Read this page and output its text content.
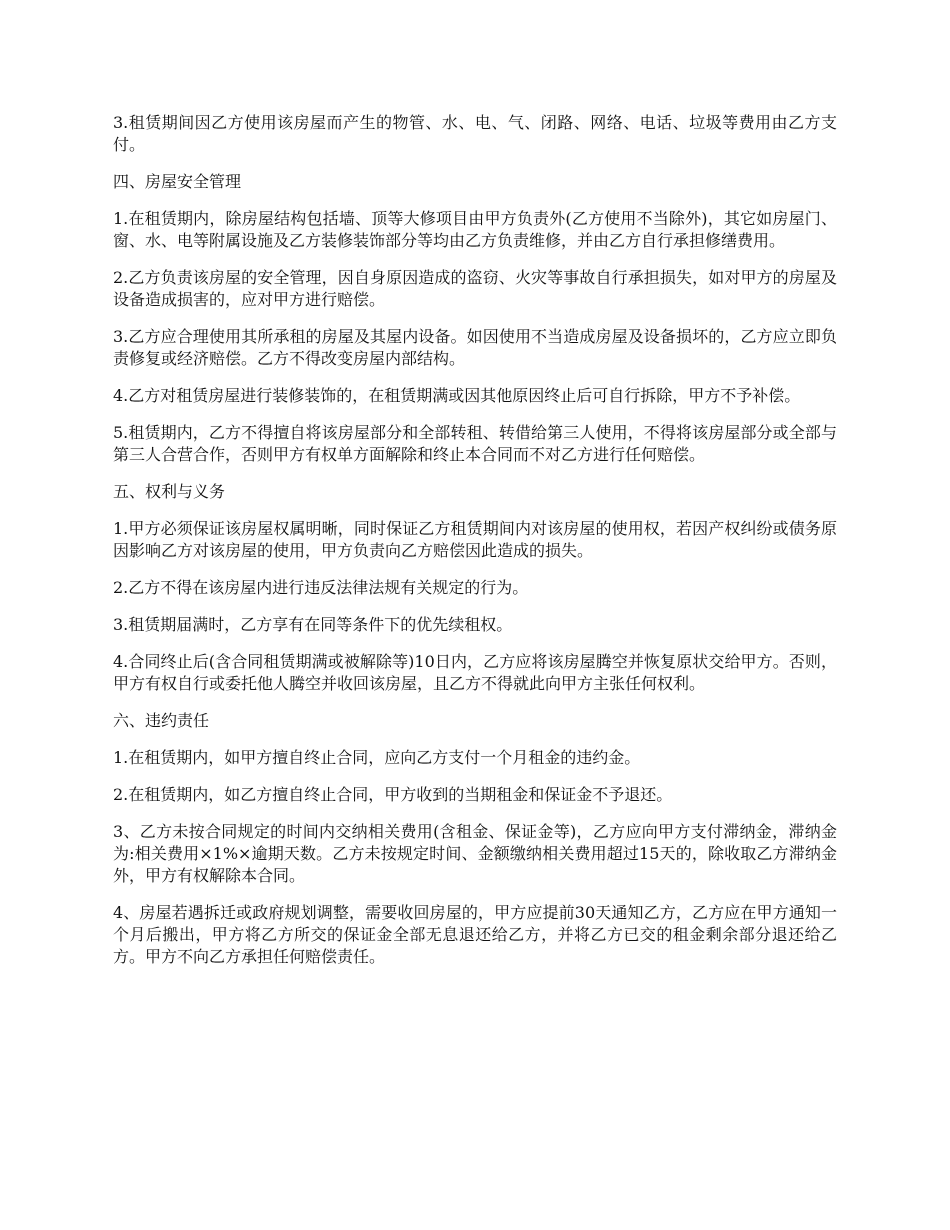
3.租赁期间因乙方使用该房屋而产生的物管、水、电、气、闭路、网络、电话、垃圾等费用由乙方支付。

四、房屋安全管理

1.在租赁期内，除房屋结构包括墙、顶等大修项目由甲方负责外(乙方使用不当除外)，其它如房屋门、窗、水、电等附属设施及乙方装修装饰部分等均由乙方负责维修，并由乙方自行承担修缮费用。

2.乙方负责该房屋的安全管理，因自身原因造成的盗窃、火灾等事故自行承担损失，如对甲方的房屋及设备造成损害的，应对甲方进行赔偿。

3.乙方应合理使用其所承租的房屋及其屋内设备。如因使用不当造成房屋及设备损坏的，乙方应立即负责修复或经济赔偿。乙方不得改变房屋内部结构。

4.乙方对租赁房屋进行装修装饰的，在租赁期满或因其他原因终止后可自行拆除，甲方不予补偿。

5.租赁期内，乙方不得擅自将该房屋部分和全部转租、转借给第三人使用，不得将该房屋部分或全部与第三人合营合作，否则甲方有权单方面解除和终止本合同而不对乙方进行任何赔偿。

五、权利与义务

1.甲方必须保证该房屋权属明晰，同时保证乙方租赁期间内对该房屋的使用权，若因产权纠纷或债务原因影响乙方对该房屋的使用，甲方负责向乙方赔偿因此造成的损失。

2.乙方不得在该房屋内进行违反法律法规有关规定的行为。

3.租赁期届满时，乙方享有在同等条件下的优先续租权。

4.合同终止后(含合同租赁期满或被解除等)10日内，乙方应将该房屋腾空并恢复原状交给甲方。否则，甲方有权自行或委托他人腾空并收回该房屋，且乙方不得就此向甲方主张任何权利。

六、违约责任

1.在租赁期内，如甲方擅自终止合同，应向乙方支付一个月租金的违约金。

2.在租赁期内，如乙方擅自终止合同，甲方收到的当期租金和保证金不予退还。

3、乙方未按合同规定的时间内交纳相关费用(含租金、保证金等)，乙方应向甲方支付滞纳金，滞纳金为:相关费用×1%×逾期天数。乙方未按规定时间、金额缴纳相关费用超过15天的，除收取乙方滞纳金外，甲方有权解除本合同。

4、房屋若遇拆迁或政府规划调整，需要收回房屋的，甲方应提前30天通知乙方，乙方应在甲方通知一个月后搬出，甲方将乙方所交的保证金全部无息退还给乙方，并将乙方已交的租金剩余部分退还给乙方。甲方不向乙方承担任何赔偿责任。
